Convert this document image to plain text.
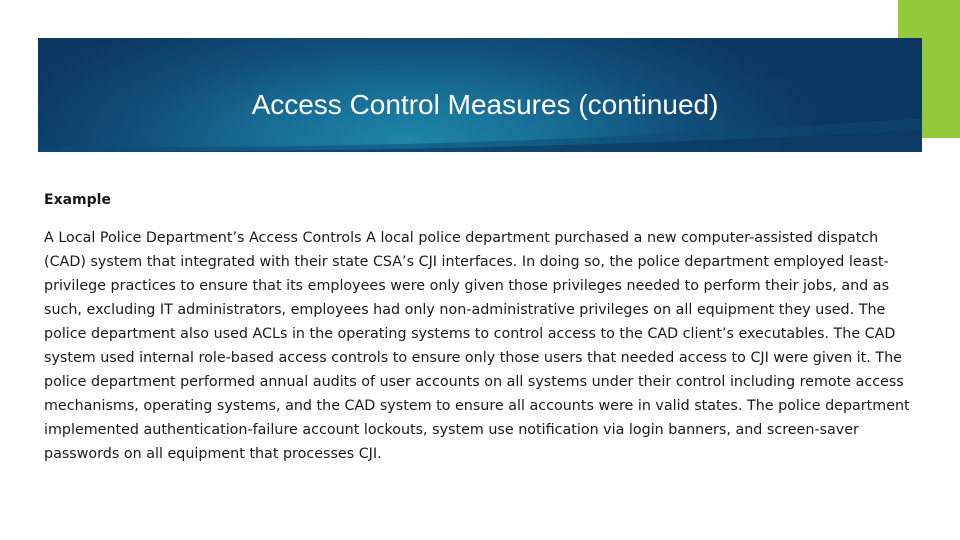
Access Control Measures (continued)

Example

A Local Police Department’s Access Controls A local police department purchased a new computer-assisted dispatch (CAD) system that integrated with their state CSA’s CJI interfaces. In doing so, the police department employed least-privilege practices to ensure that its employees were only given those privileges needed to perform their jobs, and as such, excluding IT administrators, employees had only non-administrative privileges on all equipment they used. The police department also used ACLs in the operating systems to control access to the CAD client’s executables. The CAD system used internal role-based access controls to ensure only those users that needed access to CJI were given it. The police department performed annual audits of user accounts on all systems under their control including remote access mechanisms, operating systems, and the CAD system to ensure all accounts were in valid states. The police department implemented authentication-failure account lockouts, system use notification via login banners, and screen-saver passwords on all equipment that processes CJI.
